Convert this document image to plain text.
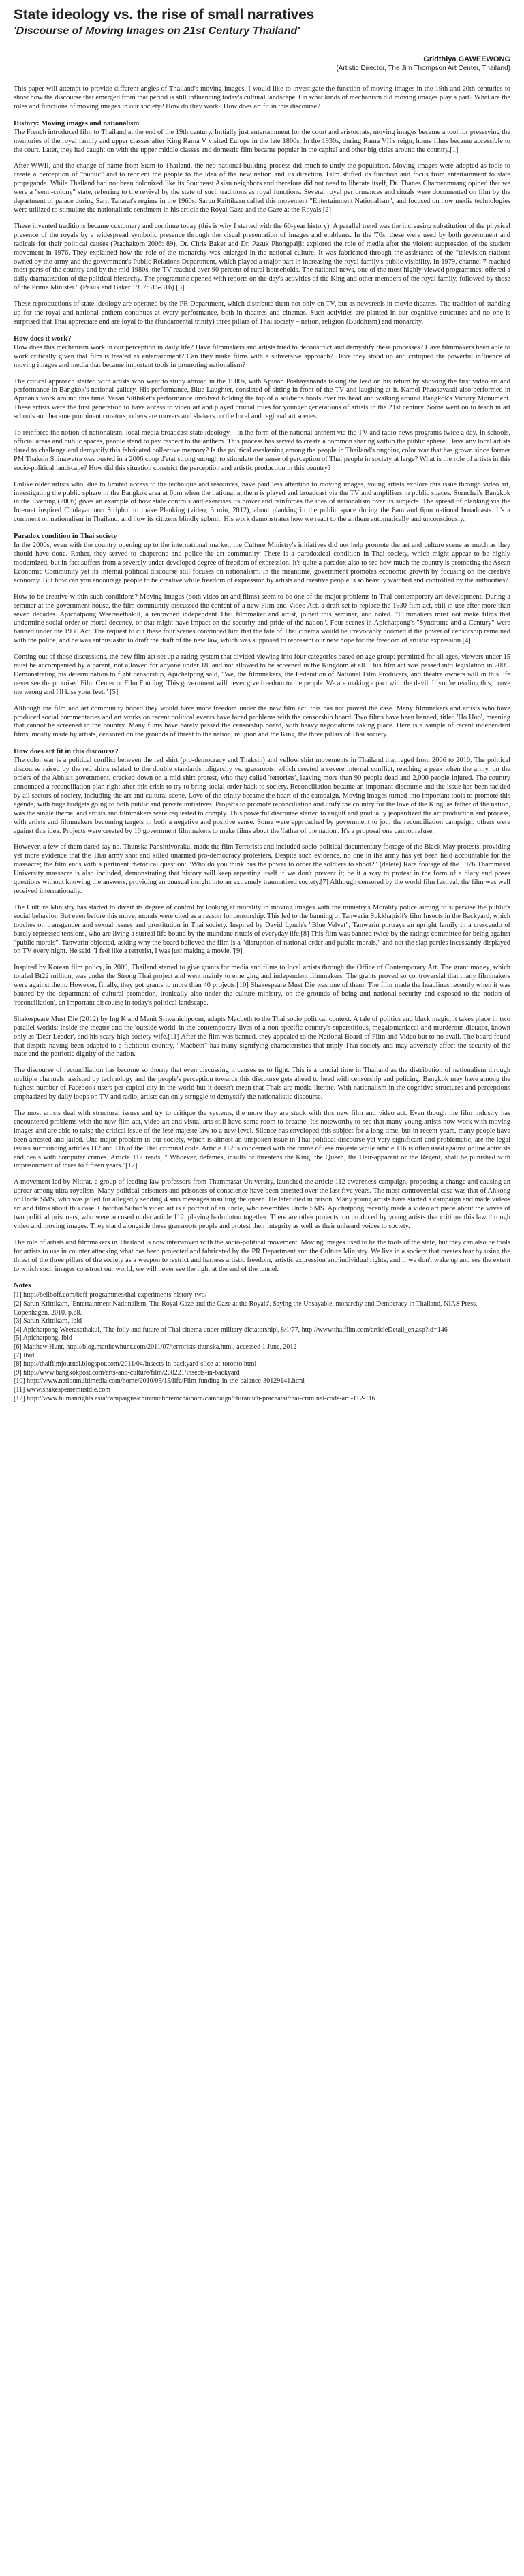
State ideology vs. the rise of small narratives
'Discourse of Moving Images on 21st Century Thailand'
Gridthiya GAWEEWONG
(Artistic Director, The Jim Thompson Art Center, Thailand)

This paper will attempt to provide different angles of Thailand's moving images. I would like to investigate the function of moving images in the 19th and 20th centuries to show how the discourse that emerged from that period is still influencing today's cultural landscape. On what kinds of mechanism did moving images play a part? What are the roles and functions of moving images in our society? How do they work? How does art fit in this discourse?

History: Moving images and nationalism

The French introduced film to Thailand at the end of the 19th century. Initially just entertainment for the court and aristocrats, moving images became a tool for preserving the memories of the royal family and upper classes after King Rama V visited Europe in the late 1800s. In the 1930s, during Rama VII's reign, home films became accessible to the court. Later, they had caught on with the upper middle classes and domestic film became popular in the capital and other big cities around the country.[1]

After WWII, and the change of name from Siam to Thailand, the neo-national building process did much to unify the population. Moving images were adopted as tools to create a perception of "public" and to reorient the people to the idea of the new nation and its direction. Film shifted its function and focus from entertainment to state propaganda. While Thailand had not been colonized like its Southeast Asian neighbors and therefore did not need to liberate itself, Dr. Thanes Charoenmuang opined that we were a "semi-colony" state, referring to the revival by the state of such traditions as royal functions. Several royal performances and rituals were documented on film by the department of palace during Sarit Tanarat's regime in the 1960s. Sarun Krittikarn called this movement "Entertainment Nationalism", and focused on how media technologies were utilized to stimulate the nationalistic sentiment in his article the Royal Gaze and the Gaze at the Royals.[2]

These invented traditions became customary and continue today (this is why I started with the 60-year history). A parallel trend was the increasing substitution of the physical presence of the royals by a widespread symbolic presence through the visual presentation of images and emblems. In the '70s, these were used by both government and radicals for their political causes (Prachakorn 2006: 89). Dr. Chris Baker and Dr. Pasuk Phongpaijit explored the role of media after the violent suppression of the student movement in 1976. They explained how the role of the monarchy was enlarged in the national culture. It was fabricated through the assistance of the "television stations owned by the army and the government's Public Relations Department, which played a major part in increasing the royal family's public visibility. In 1979, channel 7 reached most parts of the country and by the mid 1980s, the TV reached over 90 percent of rural households. The national news, one of the most highly viewed programmes, offered a daily dramatization of the political hierarchy. The programme opened with reports on the day's activities of the King and other members of the royal family, followed by those of the Prime Minister." (Pasuk and Baker 1997:315-316).[3]

These reproductions of state ideology are operated by the PR Department, which distribute them not only on TV, but as newsreels in movie theatres. The tradition of standing up for the royal and national anthem continues at every performance, both in theatres and cinemas. Such activities are planted in our cognitive structures and no one is surprised that Thai appreciate and are loyal to the (fundamental trinity) three pillars of Thai society – nation, religion (Buddhism) and monarchy.

How does it work?

How does this mechanism work in our perception in daily life? Have filmmakers and artists tried to deconstruct and demystify these processes? Have filmmakers been able to work critically given that film is treated as entertainment? Can they make films with a subversive approach? Have they stood up and critiqued the powerful influence of moving images and media that became important tools in promoting nationalism?

The critical approach started with artists who went to study abroad in the 1980s, with Apinan Poshayananda taking the lead on his return by showing the first video art and performance in Bangkok's national gallery. His performance, Blue Laughter, consisted of sitting in front of the TV and laughing at it. Kamol Phaosavasdi also performed in Apinan's work around this time. Vasan Sitthiket's performance involved holding the top of a soldier's boots over his head and walking around Bangkok's Victory Monument. These artists were the first generation to have access to video art and played crucial roles for younger generations of artists in the 21st century. Some went on to teach in art schools and became prominent curators; others are movers and shakers on the local and regional art scenes.

To reinforce the notion of nationalism, local media broadcast state ideology – in the form of the national anthem via the TV and radio news programs twice a day. In schools, official areas and public spaces, people stand to pay respect to the anthem. This process has served to create a common sharing within the public sphere. Have any local artists dared to challenge and demystify this fabricated collective memory? Is the political awakening among the people in Thailand's ongoing color war that has grown since former PM Thaksin Shinawatra was ousted in a 2006 coup d'etat strong enough to stimulate the sense of perception of Thai people in society at large? What is the role of artists in this socio-political landscape? How did this situation constrict the perception and artistic production in this country?

Unlike older artists who, due to limited access to the technique and resources, have paid less attention to moving images, young artists explore this issue through video art, investigating the public sphere in the Bangkok area at 6pm when the national anthem is played and broadcast via the TV and amplifiers in public spaces. Sornchai's Bangkok in the Evening (2006) gives an example of how state controls and exercises its power and reinforces the idea of nationalism over its subjects. The spread of planking via the Internet inspired Chulayarnnon Siriphol to make Planking (video, 3 min, 2012), about planking in the public space during the 8am and 6pm national broadcasts. It's a comment on nationalism in Thailand, and how its citizens blindly submit. His work demonstrates how we react to the anthem automatically and unconsciously.

Paradox condition in Thai society

In the 2000s, even with the country opening up to the international market, the Culture Ministry's initiatives did not help promote the art and culture scene as much as they should have done. Rather, they served to chaperone and police the art community. There is a paradoxical condition in Thai society, which might appear to be highly modernized, but in fact suffers from a severely under-developed degree of freedom of expression. It's quite a paradox also to see how much the country is promoting the Asean Economic Community yet its internal political discourse still focuses on nationalism. In the meantime, government promotes economic growth by focusing on the creative economy. But how can you encourage people to be creative while freedom of expression by artists and creative people is so heavily watched and controlled by the authorities?

How to be creative within such conditions? Moving images (both video art and films) seem to be one of the major problems in Thai contemporary art development. During a seminar at the government house, the film community discussed the content of a new Film and Video Act, a draft set to replace the 1930 film act, still in use after more than seven decades. Apichatpong Weerasethakul, a renowned independent Thai filmmaker and artist, joined this seminar, and noted. "Filmmakers must not make films that undermine social order or moral decency, or that might have impact on the security and pride of the nation". Four scenes in Apichatpong's "Syndrome and a Century" were banned under the 1930 Act. The request to cut these four scenes convinced him that the fate of Thai cinema would be irrevocably doomed if the power of censorship remained with the police, and he was enthusiastic to draft the draft of the new law, which was supposed to represent our new hope for the freedom of artistic expression.[4]

Coming out of those discussions, the new film act set up a rating system that divided viewing into four categories based on age group: permitted for all ages, viewers under 15 must be accompanied by a parent, not allowed for anyone under 18, and not allowed to be screened in the Kingdom at all. This film act was passed into legislation in 2009. Demonstrating his determination to fight censorship, Apichatpong said, "We, the filmmakers, the Federation of National Film Producers, and theatre owners will in this life never see the promised Film Center or Film Funding. This government will never give freedom to the people. We are making a pact with the devil. If you're reading this, prove me wrong and I'll kiss your feet." [5]

Although the film and art community hoped they would have more freedom under the new film act, this has not proved the case. Many filmmakers and artists who have produced social commentaries and art works on recent political events have faced problems with the censorship board. Two films have been banned, titled 'Ho Hoo', meaning that cannot be screened in the country. Many films have barely passed the censorship board, with heavy negotiations taking place. Here is a sample of recent independent films, mostly made by artists, censored on the grounds of threat to the nation, religion and the King, the three pillars of Thai society.

How does art fit in this discourse?

The color war is a political conflict between the red shirt (pro-democracy and Thaksin) and yellow shirt movements in Thailand that raged from 2006 to 2010. The political discourse raised by the red shirts related to the double standards, oligarchy vs. grassroots, which created a severe internal conflict, reaching a peak when the army, on the orders of the Abhisit government, cracked down on a mid shirt protest, who they called 'terrorists', leaving more than 90 people dead and 2,000 people injured. The country announced a reconciliation plan right after this crisis to try to bring social order back to society. Reconciliation became an important discourse and the issue has been tackled by all sectors of society, including the art and cultural scene. Love of the trinity became the heart of the campaign. Moving images turned into important tools to promote this agenda, with huge budgets going to both public and private initiatives. Projects to promote reconciliation and unify the country for the love of the King, as father of the nation, was the single theme, and artists and filmmakers were requested to comply. This powerful discourse started to engulf and gradually jeopardized the art production and process, with artists and filmmakers becoming targets in both a negative and positive sense. Some were approached by government to join the reconciliation campaign; others were against this idea. Projects were created by 10 government filmmakers to make films about the 'father of the nation'. It's a proposal one cannot refuse.

However, a few of them dared say no. Thunska Pansittivorakul made the film Terrorists and included socio-political documentary footage of the Black May protests, providing yet more evidence that the Thai army shot and killed unarmed pro-democracy protesters. Despite such evidence, no one in the army has yet been held accountable for the massacre; the film ends with a pertinent rhetorical question: "Who do you think has the power to order the soldiers to shoot?" (delete) Rare footage of the 1976 Thammasat University massacre is also included, demonstrating that history will keep repeating itself if we don't prevent it; be it a way to protest in the form of a diary and poses questions without knowing the answers, providing an unusual insight into an extremely traumatized society.[7] Although censored by the world film festival, the film was well received internationally.

The Culture Ministry has started to divert its degree of control by looking at morality in moving images with the ministry's Morality police aiming to supervise the public's social behavior. But even before this move, morals were cited as a reason for censorship. This led to the banning of Tanwarin Sukkhapisit's film Insects in the Backyard, which touches on transgender and sexual issues and prostitution in Thai society. Inspired by David Lynch's "Blue Velvet", Tanwarin portrays an upright family in a crescendo of barely repressed tensions, who are living a surreal life bound by the mundane rituals of everyday life.[8] This film was banned twice by the ratings committee for being against "public morals". Tanwarin objected, asking why the board believed the film is a "disruption of national order and public morals," and not the slap parties incessantly displayed on TV every night. He said "I feel like a terrorist, I was just making a movie."[9]

Inspired by Korean film policy, in 2009, Thailand started to give grants for media and films to local artists through the Office of Contemporary Art. The grant money, which totaled Bt22 million, was under the Strong Thai project and went mainly to emerging and independent filmmakers. The grants proved so controversial that many filmmakers were against them. However, finally, they got grants to more than 40 projects.[10] Shakespeare Must Die was one of them. The film made the headlines recently when it was banned by the department of cultural promotion, ironically also under the culture ministry, on the grounds of being anti national security and exposed to the notion of 'reconciliation', an important discourse in today's political landscape.

Shakespeare Must Die (2012) by Ing K and Manit Sriwanichpoom, adapts Macbeth to the Thai socio political context. A tale of politics and black magic, it takes place in two parallel worlds: inside the theatre and the 'outside world' in the contemporary lives of a non-specific country's superstitious, megalomaniacal and murderous dictator, known only as 'Dear Leader', and his scary high society wife.[11] After the film was banned, they appealed to the National Board of Film and Video but to no avail. The board found that despite having been adapted to a fictitious country, "Macbeth" has many signifying characteristics that imply Thai society and may adversely affect the security of the state and the patriotic dignity of the nation.

The discourse of reconciliation has become so thorny that even discussing it causes us to fight. This is a crucial time in Thailand as the distribution of nationalism through multiple channels, assisted by technology and the people's perception towards this discourse gets ahead to head with censorship and policing. Bangkok may have among the highest number of Facebook users per capital city in the world but it doesn't mean that Thais are media literate. With nationalism in the cognitive structures and perceptions emphasized by daily loops on TV and radio, artists can only struggle to demystify the nationalistic discourse.

The most artists deal with structural issues and try to critique the systems, the more they are stuck with this new film and video act. Even though the film industry has encountered problems with the new film act, video art and visual arts still have some room to breathe. It's noteworthy to see that many young artists now work with moving images and are able to raise the critical issue of the lese majeste law to a new level. Silence has enveloped this subject for a long time, but in recent years, many people have been arrested and jailed. One major problem in our society, which is almost an unspoken issue in Thai political discourse yet very significant and problematic, are the legal issues surrounding articles 112 and 116 of the Thai criminal code. Article 112 is concerned with the crime of lese majeste while article 116 is often used against online activists and deals with computer crimes. Article 112 reads, " Whoever, defames, insults or threatens the King, the Queen, the Heir-apparent or the Regent, shall be punished with imprisonment of three to fifteen years."[12]

A movement led by Nitirat, a group of leading law professors from Thammasat University, launched the article 112 awareness campaign, proposing a change and causing an uproar among ultra royalists. Many political prisoners and prisoners of conscience have been arrested over the last five years. The most controversial case was that of Ahkong or Uncle SMS, who was jailed for allegedly sending 4 sms messages insulting the queen. He later died in prison. Many young artists have started a campaign and made videos art and films about this case. Chatchai Suban's video art is a portrait of an uncle, who resembles Uncle SMS. Apichatpong recently made a video art piece about the wives of two political prisoners, who were accused under article 112, playing badminton together. There are other projects too produced by young artists that critique this law through video and moving images. They stand alongside these grassroots people and protest their integrity as well as their unheard voices to society.

The role of artists and filmmakers in Thailand is now interwoven with the socio-political movement. Moving images used to be the tools of the state, but they can also be tools for artists to use in counter attacking what has been projected and fabricated by the PR Department and the Culture Ministry. We live in a society that creates fear by using the threat of the three pillars of the society as a weapon to restrict and harness artistic freedom, artistic expression and individual rights; and if we don't wake up and see the extent to which such images construct our world, we will never see the light at the end of the tunnel.

Notes
[1] http://bellboff.com/beff-programmes/thai-experiments-history-two/
[2] Sarun Krittikarn, 'Entertainment Nationalism, The Royal Gaze and the Gaze at the Royals', Saying the Unsayable, monarchy and Democracy in Thailand, NIAS Press, Copenhagen, 2010, p.68.
[3] Sarun Krittikarn, ibid
[4] Apichatpong Weerasethakul, 'The folly and future of Thai cinema under military dictatorship', 8/1/77, http://www.thaifilm.com/articleDetail_en.asp?id=146
[5] Apichatpong, ibid
[6] Matthew Hunt, http://blog.matthewhunt.com/2011/07/terrorists-thunska.html, accessed 1 June, 2012
[7] Ibid
[8] http://thaifilmjournal.blogspot.com/2011/04/insects-in-backyard-slice-at-toronto.html
[9] http://www.bangkokpost.com/arts-and-culture/film/208221/insects-in-backyard
[10] http://www.nationmultimedia.com/home/2010/05/15/life/Film-funding-in-the-balance-30129141.html
[11] www.shakespearemustdie.com
[12] http://www.humanrights.asia/campaigns/chiranuchpremchaiporn/campaign/chiranuch-prachatai/thai-criminal-code-art.-112-116
